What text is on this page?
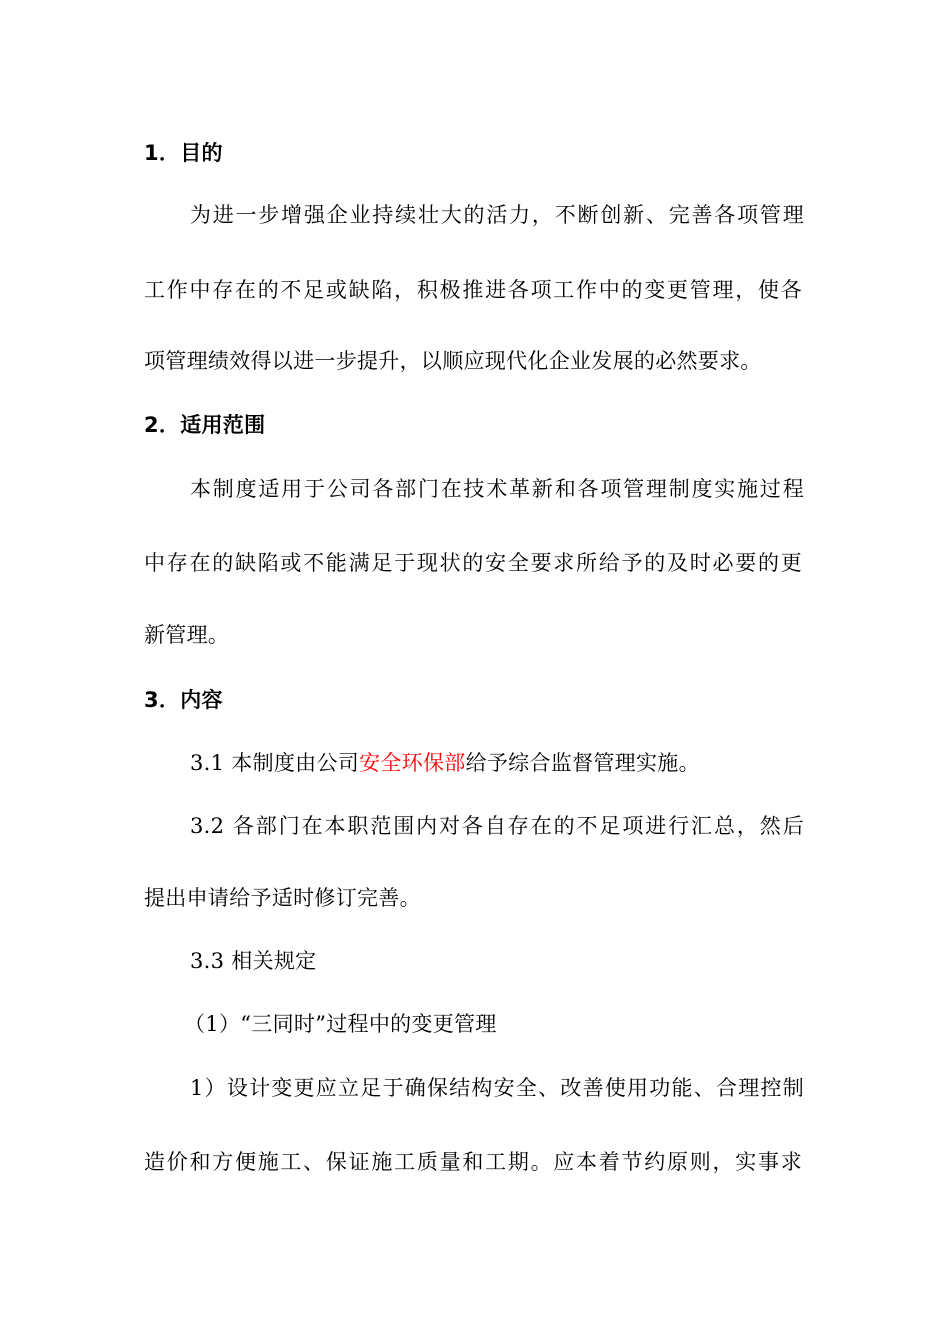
1．目的
为进一步增强企业持续壮大的活力，不断创新、完善各项管理
工作中存在的不足或缺陷，积极推进各项工作中的变更管理，使各
项管理绩效得以进一步提升，以顺应现代化企业发展的必然要求。
2．适用范围
本制度适用于公司各部门在技术革新和各项管理制度实施过程
中存在的缺陷或不能满足于现状的安全要求所给予的及时必要的更
新管理。
3．内容
3.1 本制度由公司安全环保部给予综合监督管理实施。
3.2 各部门在本职范围内对各自存在的不足项进行汇总，然后
提出申请给予适时修订完善。
3.3 相关规定
（1）“三同时”过程中的变更管理
1）设计变更应立足于确保结构安全、改善使用功能、合理控制
造价和方便施工、保证施工质量和工期。应本着节约原则，实事求
